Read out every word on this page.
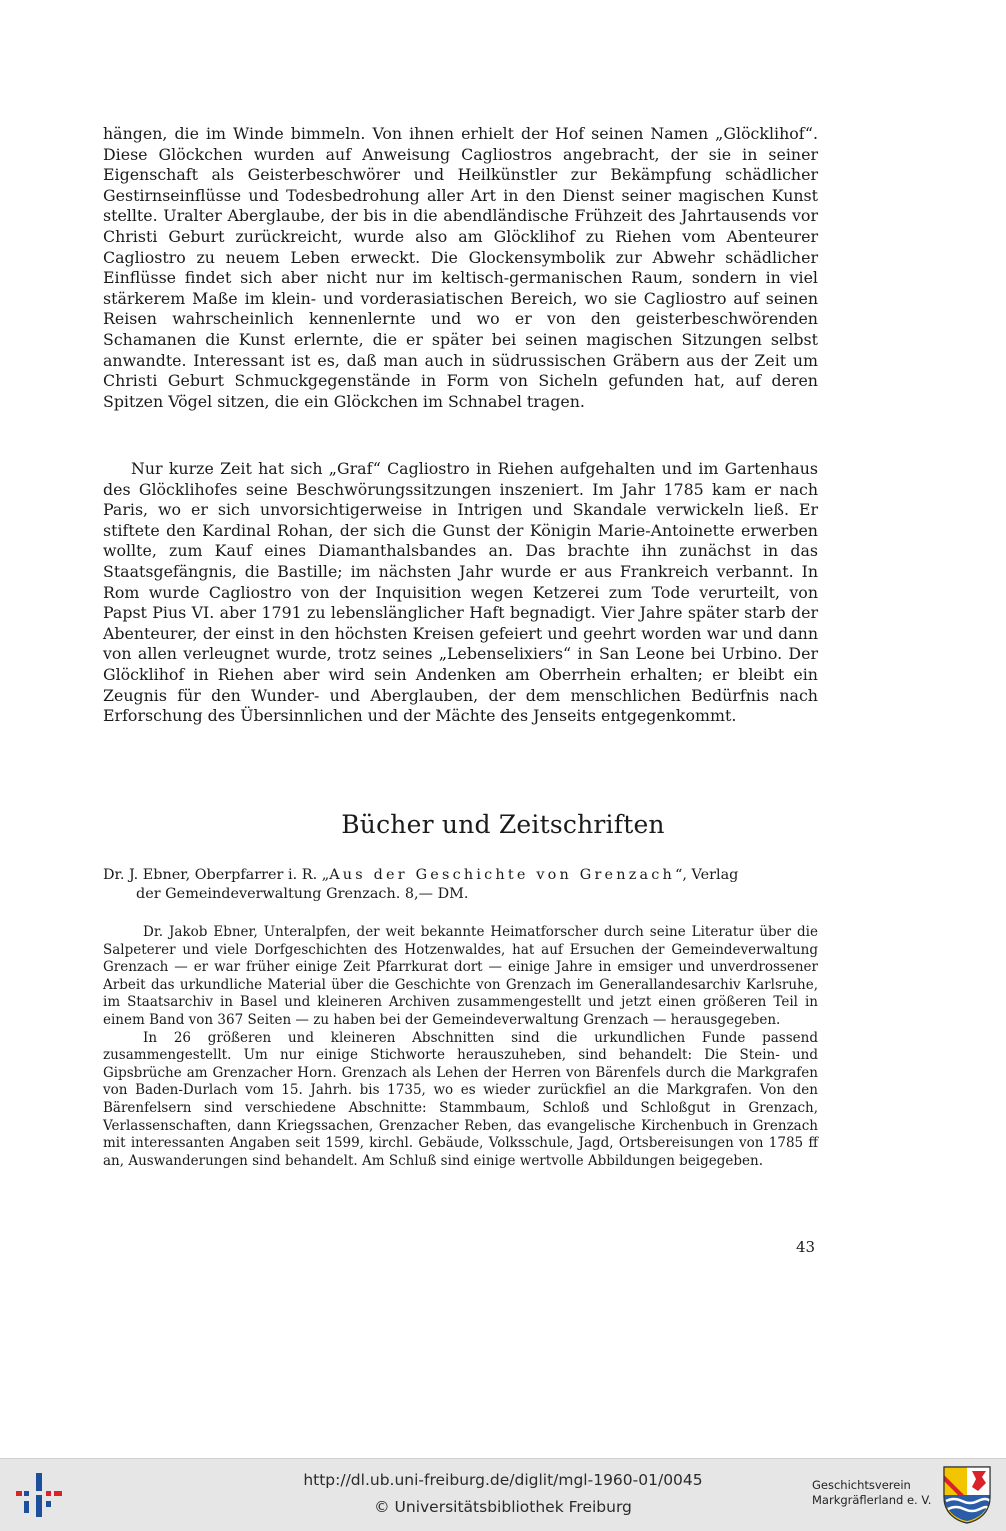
hängen, die im Winde bimmeln. Von ihnen erhielt der Hof seinen Namen „Glöcklihof“. Diese Glöckchen wurden auf Anweisung Cagliostros angebracht, der sie in seiner Eigenschaft als Geisterbeschwörer und Heilkünstler zur Bekämpfung schädlicher Gestirnseinflüsse und Todesbedrohung aller Art in den Dienst seiner magischen Kunst stellte. Uralter Aberglaube, der bis in die abendländische Frühzeit des Jahrtausends vor Christi Geburt zurückreicht, wurde also am Glöcklihof zu Riehen vom Abenteurer Cagliostro zu neuem Leben erweckt. Die Glockensymbolik zur Abwehr schädlicher Einflüsse findet sich aber nicht nur im keltisch-germanischen Raum, sondern in viel stärkerem Maße im klein- und vorderasiatischen Bereich, wo sie Cagliostro auf seinen Reisen wahrscheinlich kennenlernte und wo er von den geisterbeschwörenden Schamanen die Kunst erlernte, die er später bei seinen magischen Sitzungen selbst anwandte. Interessant ist es, daß man auch in südrussischen Gräbern aus der Zeit um Christi Geburt Schmuckgegenstände in Form von Sicheln gefunden hat, auf deren Spitzen Vögel sitzen, die ein Glöckchen im Schnabel tragen.
Nur kurze Zeit hat sich „Graf“ Cagliostro in Riehen aufgehalten und im Gartenhaus des Glöcklihofes seine Beschwörungssitzungen inszeniert. Im Jahr 1785 kam er nach Paris, wo er sich unvorsichtigerweise in Intrigen und Skandale verwickeln ließ. Er stiftete den Kardinal Rohan, der sich die Gunst der Königin Marie-Antoinette erwerben wollte, zum Kauf eines Diamanthalsbandes an. Das brachte ihn zunächst in das Staatsgefängnis, die Bastille; im nächsten Jahr wurde er aus Frankreich verbannt. In Rom wurde Cagliostro von der Inquisition wegen Ketzerei zum Tode verurteilt, von Papst Pius VI. aber 1791 zu lebenslänglicher Haft begnadigt. Vier Jahre später starb der Abenteurer, der einst in den höchsten Kreisen gefeiert und geehrt worden war und dann von allen verleugnet wurde, trotz seines „Lebenselixiers“ in San Leone bei Urbino. Der Glöcklihof in Riehen aber wird sein Andenken am Oberrhein erhalten; er bleibt ein Zeugnis für den Wunder- und Aberglauben, der dem menschlichen Bedürfnis nach Erforschung des Übersinnlichen und der Mächte des Jenseits entgegenkommt.
Bücher und Zeitschriften
Dr. J. Ebner, Oberpfarrer i. R. „Aus der Geschichte von Grenzach“, Verlag
der Gemeindeverwaltung Grenzach. 8,— DM.

Dr. Jakob Ebner, Unteralpfen, der weit bekannte Heimatforscher durch seine Literatur über die Salpeterer und viele Dorfgeschichten des Hotzenwaldes, hat auf Ersuchen der Gemeindeverwaltung Grenzach — er war früher einige Zeit Pfarrkurat dort — einige Jahre in emsiger und unverdrossener Arbeit das urkundliche Material über die Geschichte von Grenzach im Generallandesarchiv Karlsruhe, im Staatsarchiv in Basel und kleineren Archiven zusammengestellt und jetzt einen größeren Teil in einem Band von 367 Seiten — zu haben bei der Gemeindeverwaltung Grenzach — herausgegeben.

In 26 größeren und kleineren Abschnitten sind die urkundlichen Funde passend zusammengestellt. Um nur einige Stichworte herauszuheben, sind behandelt: Die Stein- und Gipsbrüche am Grenzacher Horn. Grenzach als Lehen der Herren von Bärenfels durch die Markgrafen von Baden-Durlach vom 15. Jahrh. bis 1735, wo es wieder zurückfiel an die Markgrafen. Von den Bärenfelsern sind verschiedene Abschnitte: Stammbaum, Schloß und Schloßgut in Grenzach, Verlassenschaften, dann Kriegssachen, Grenzacher Reben, das evangelische Kirchenbuch in Grenzach mit interessanten Angaben seit 1599, kirchl. Gebäude, Volksschule, Jagd, Ortsbereisungen von 1785 ff an, Auswanderungen sind behandelt. Am Schluß sind einige wertvolle Abbildungen beigegeben.

43
http://dl.ub.uni-freiburg.de/diglit/mgl-1960-01/0045
© Universitätsbibliothek Freiburg
Geschichtsverein
Markgräflerland e. V.
